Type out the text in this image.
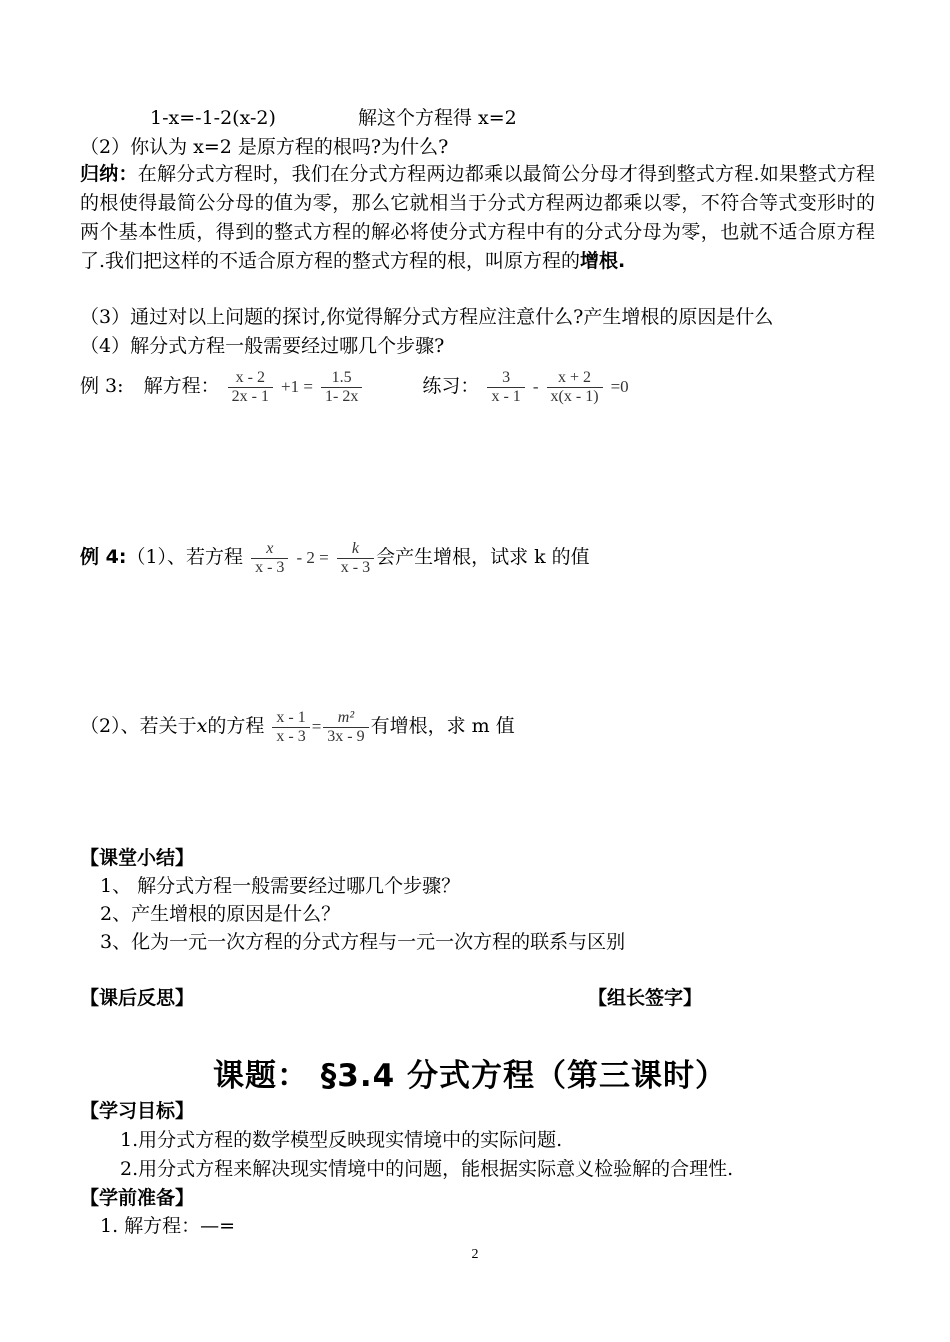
1-x=-1-2(x-2)	解这个方程得 x=2
（2）你认为 x=2 是原方程的根吗?为什么?
归纳：在解分式方程时，我们在分式方程两边都乘以最简公分母才得到整式方程.如果整式方程的根使得最简公分母的值为零，那么它就相当于分式方程两边都乘以零，不符合等式变形时的两个基本性质，得到的整式方程的解必将使分式方程中有的分式分母为零，也就不适合原方程了.我们把这样的不适合原方程的整式方程的根，叫原方程的增根.
（3）通过对以上问题的探讨,你觉得解分式方程应注意什么?产生增根的原因是什么
（4）解分式方程一般需要经过哪几个步骤?
例 3: 解方程： $\frac{x - 2}{2x - 1} +1 = \frac{1.5}{1- 2x}$	练习： $\frac{3}{x - 1} - \frac{x + 2}{x(x - 1)} =0$
例 4:（1）、若方程 $\frac{x}{x - 3} - 2 = \frac{k}{x - 3}$ 会产生增根，试求 k 的值
（2）、若关于x的方程 $\frac{x - 1}{x - 3} = \frac{\text{m²}}{3x - 9}$ 有增根，求 m 值
【课堂小结】
1、 解分式方程一般需要经过哪几个步骤？
2、产生增根的原因是什么？
3、化为一元一次方程的分式方程与一元一次方程的联系与区别
【课后反思】	【组长签字】
课题： §3.4 分式方程（第三课时）
【学习目标】
1.用分式方程的数学模型反映现实情境中的实际问题.
2.用分式方程来解决现实情境中的问题，能根据实际意义检验解的合理性.
【学前准备】
1. 解方程：—=
2
